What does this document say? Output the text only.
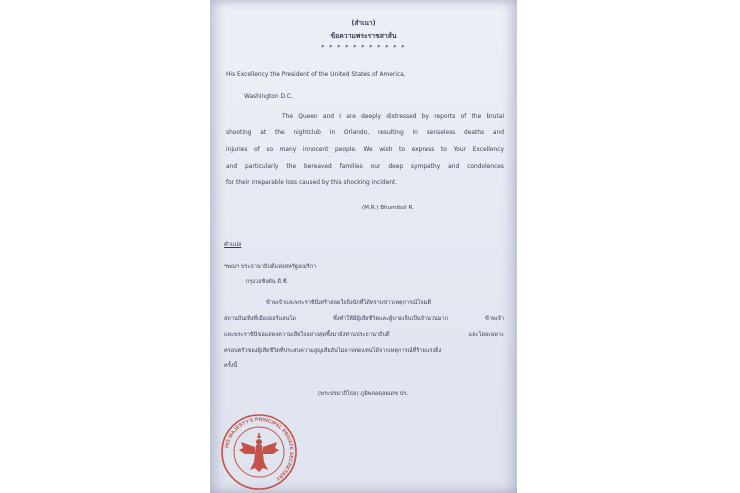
(สำเนา)
ข้อความพระราชสาส์น
* * * * * * * * * * *
His Excellency the President of the United States of America,
Washington D.C.
The Queen and I are deeply distressed by reports of the brutal
shooting at the nightclub in Orlando, resulting in senseless deaths and
injuries of so many innocent people. We wish to express to Your Excellency
and particularly the bereaved families our deep sympathy and condolences
for their irreparable loss caused by this shocking incident.
(M.R.) Bhumibol R.
คำแปล
ฯพณฯ ประธานาธิบดีแห่งสหรัฐอเมริกา
กรุงวอชิงตัน ดี.ซี.
ข้าพเจ้าและพระราชินีเศร้าสลดใจยิ่งนักที่ได้ทราบข่าวเหตุการณ์โจมตี
สถานบันเทิงที่เมืองออร์แลนโด ซึ่งทำให้มีผู้เสียชีวิตและผู้บาดเจ็บเป็นจำนวนมาก ข้าพเจ้า
และพระราชินีขอแสดงความเสียใจอย่างสุดซึ้งมายังท่านประธานาธิบดี และโดยเฉพาะ
ครอบครัวของผู้เสียชีวิตที่ประสบความสูญเสียอันไม่อาจทดแทนได้จากเหตุการณ์ที่ร้ายแรงยิ่ง
ครั้งนี้
(พระปรมาภิไธย) ภูมิพลอดุลยเดช ปร.
HIS MAJESTY'S PRINCIPAL PRIVATE SECRETARY
